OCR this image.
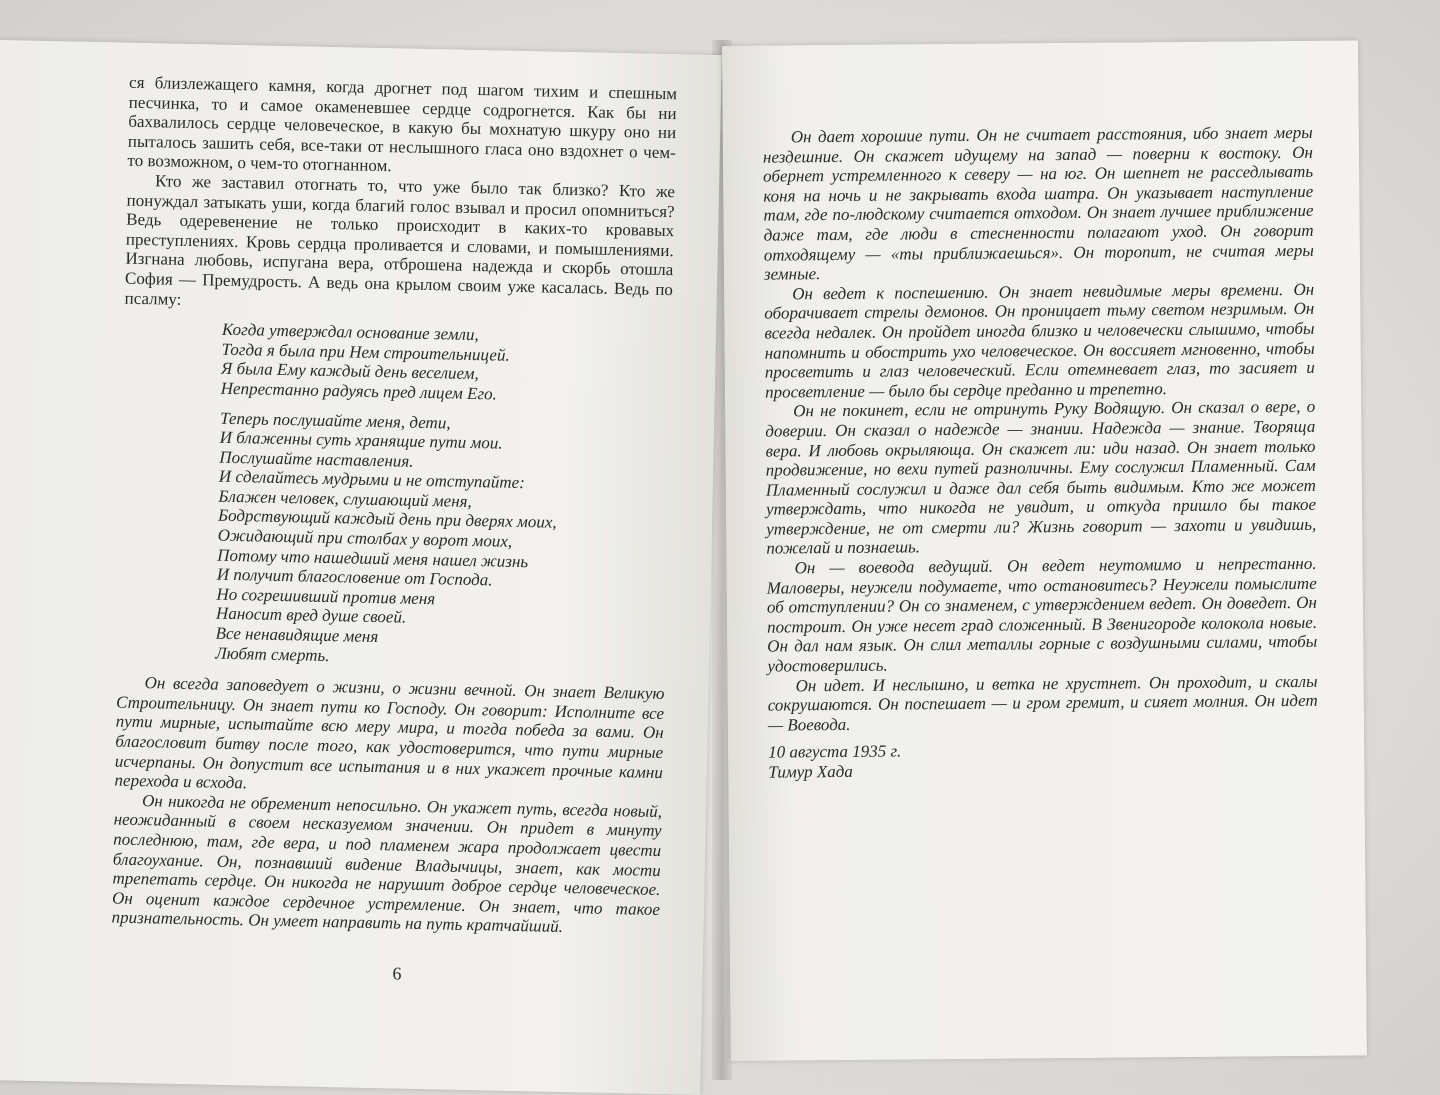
ся близлежащего камня, когда дрогнет под шагом тихим и спешным песчинка, то и самое окаменевшее сердце содрогнется. Как бы ни бахвалилось сердце человеческое, в какую бы мохнатую шкуру оно ни пыталось зашить себя, все-таки от неслышного гласа оно вздохнет о чем-то возможном, о чем-то отогнанном.

Кто же заставил отогнать то, что уже было так близко? Кто же понуждал затыкать уши, когда благий голос взывал и просил опомниться? Ведь одеревенение не только происходит в каких-то кровавых преступлениях. Кровь сердца проливается и словами, и помышлениями. Изгнана любовь, испугана вера, отброшена надежда и скорбь отошла София — Премудрость. А ведь она крылом своим уже касалась. Ведь по псалму:

Когда утверждал основание земли,
Тогда я была при Нем строительницей.
Я была Ему каждый день веселием,
Непрестанно радуясь пред лицем Его.
Теперь послушайте меня, дети,
И блаженны суть хранящие пути мои.
Послушайте наставления.
И сделайтесь мудрыми и не отступайте:
Блажен человек, слушающий меня,
Бодрствующий каждый день при дверях моих,
Ожидающий при столбах у ворот моих,
Потому что нашедший меня нашел жизнь
И получит благословение от Господа.
Но согрешивший против меня
Наносит вред душе своей.
Все ненавидящие меня
Любят смерть.

Он всегда заповедует о жизни, о жизни вечной. Он знает Великую Строительницу. Он знает пути ко Господу. Он говорит: Исполните все пути мирные, испытайте всю меру мира, и тогда победа за вами. Он благословит битву после того, как удостоверится, что пути мирные исчерпаны. Он допустит все испытания и в них укажет прочные камни перехода и всхода.

Он никогда не обременит непосильно. Он укажет путь, всегда новый, неожиданный в своем несказуемом значении. Он придет в минуту последнюю, там, где вера, и под пламенем жара продолжает цвести благоухание. Он, познавший видение Владычицы, знает, как мости трепетать сердце. Он никогда не нарушит доброе сердце человеческое. Он оценит каждое сердечное устремление. Он знает, что такое признательность. Он умеет направить на путь кратчайший.

6

Он дает хорошие пути. Он не считает расстояния, ибо знает меры нездешние. Он скажет идущему на запад — поверни к востоку. Он обернет устремленного к северу — на юг. Он шепнет не расседлывать коня на ночь и не закрывать входа шатра. Он указывает наступление там, где по-людскому считается отходом. Он знает лучшее приближение даже там, где люди в стесненности полагают уход. Он говорит отходящему — «ты приближаешься». Он торопит, не считая меры земные.

Он ведет к поспешению. Он знает невидимые меры времени. Он оборачивает стрелы демонов. Он проницает тьму светом незримым. Он всегда недалек. Он пройдет иногда близко и человечески слышимо, чтобы напомнить и обострить ухо человеческое. Он воссияет мгновенно, чтобы просветить и глаз человеческий. Если отемневает глаз, то засияет и просветление — было бы сердце преданно и трепетно.

Он не покинет, если не отринуть Руку Водящую. Он сказал о вере, о доверии. Он сказал о надежде — знании. Надежда — знание. Творяща вера. И любовь окрыляюща. Он скажет ли: иди назад. Он знает только продвижение, но вехи путей разноличны. Ему сослужил Пламенный. Сам Пламенный сослужил и даже дал себя быть видимым. Кто же может утверждать, что никогда не увидит, и откуда пришло бы такое утверждение, не от смерти ли? Жизнь говорит — захоти и увидишь, пожелай и познаешь.

Он — воевода ведущий. Он ведет неутомимо и непрестанно. Маловеры, неужели подумаете, что остановитесь? Неужели помыслите об отступлении? Он со знаменем, с утверждением ведет. Он доведет. Он построит. Он уже несет град сложенный. В Звенигороде колокола новые. Он дал нам язык. Он слил металлы горные с воздушными силами, чтобы удостоверились.

Он идет. И неслышно, и ветка не хрустнет. Он проходит, и скалы сокрушаются. Он поспешает — и гром гремит, и сияет молния. Он идет — Воевода.

10 августа 1935 г.
Тимур Хада
